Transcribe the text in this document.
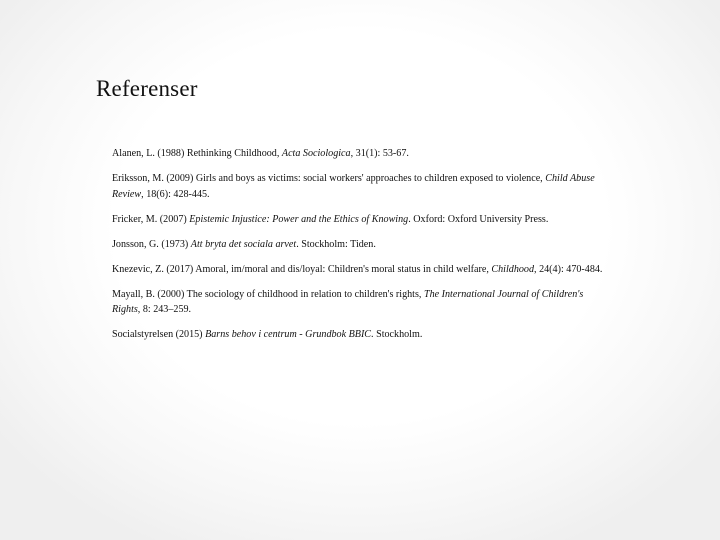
Referenser
Alanen, L. (1988) Rethinking Childhood, Acta Sociologica, 31(1): 53-67.
Eriksson, M. (2009) Girls and boys as victims: social workers' approaches to children exposed to violence, Child Abuse Review, 18(6): 428-445.
Fricker, M. (2007) Epistemic Injustice: Power and the Ethics of Knowing. Oxford: Oxford University Press.
Jonsson, G. (1973) Att bryta det sociala arvet. Stockholm: Tiden.
Knezevic, Z. (2017) Amoral, im/moral and dis/loyal: Children's moral status in child welfare, Childhood, 24(4): 470-484.
Mayall, B. (2000) The sociology of childhood in relation to children's rights, The International Journal of Children's Rights, 8: 243–259.
Socialstyrelsen (2015) Barns behov i centrum - Grundbok BBIC. Stockholm.
